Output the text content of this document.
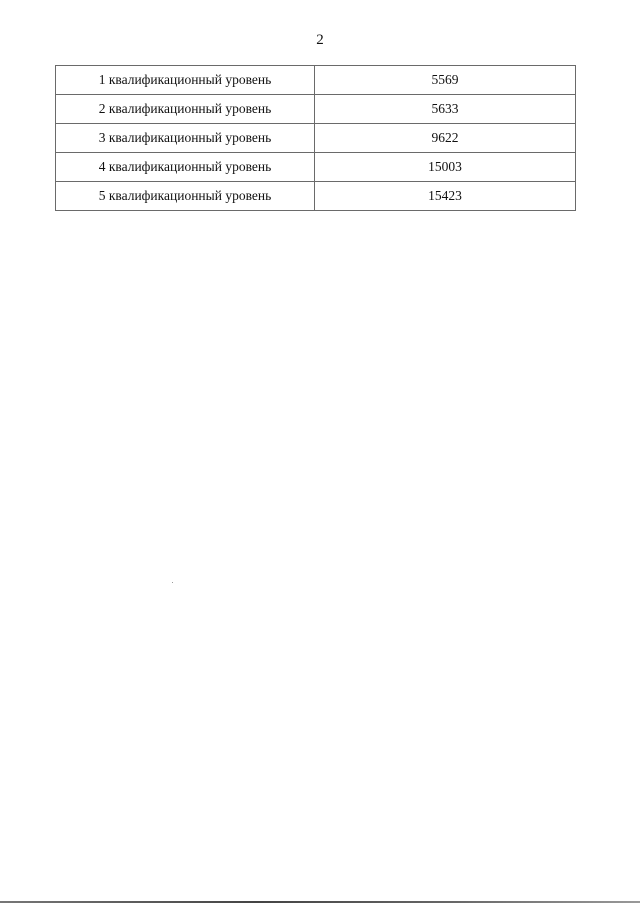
2
1 квалификационный уровень	5569
2 квалификационный уровень	5633
3 квалификационный уровень	9622
4 квалификационный уровень	15003
5 квалификационный уровень	15423
